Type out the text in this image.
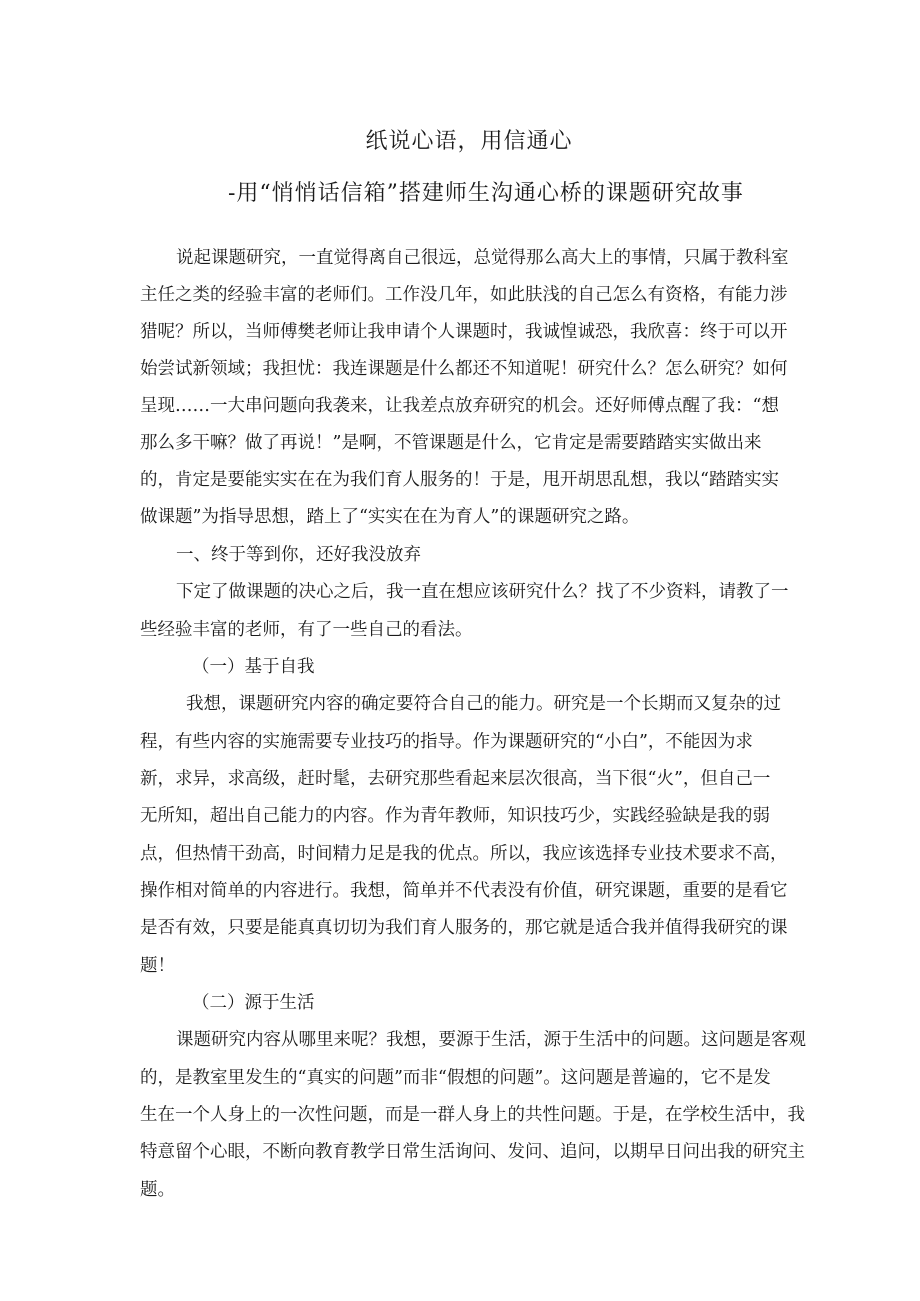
纸说心语，用信通心
-用“悄悄话信箱”搭建师生沟通心桥的课题研究故事

说起课题研究，一直觉得离自己很远，总觉得那么高大上的事情，只属于教科室

主任之类的经验丰富的老师们。工作没几年，如此肤浅的自己怎么有资格，有能力涉

猎呢？所以，当师傅樊老师让我申请个人课题时，我诚惶诚恐，我欣喜：终于可以开

始尝试新领域；我担忧：我连课题是什么都还不知道呢！研究什么？怎么研究？如何

呈现……一大串问题向我袭来，让我差点放弃研究的机会。还好师傅点醒了我：“想

那么多干嘛？做了再说！”是啊，不管课题是什么，它肯定是需要踏踏实实做出来

的，肯定是要能实实在在为我们育人服务的！于是，甩开胡思乱想，我以“踏踏实实

做课题”为指导思想，踏上了“实实在在为育人”的课题研究之路。

一、终于等到你，还好我没放弃

下定了做课题的决心之后，我一直在想应该研究什么？找了不少资料，请教了一

些经验丰富的老师，有了一些自己的看法。

（一）基于自我

我想，课题研究内容的确定要符合自己的能力。研究是一个长期而又复杂的过

程，有些内容的实施需要专业技巧的指导。作为课题研究的“小白”，不能因为求

新，求异，求高级，赶时髦，去研究那些看起来层次很高，当下很“火”，但自己一

无所知，超出自己能力的内容。作为青年教师，知识技巧少，实践经验缺是我的弱

点，但热情干劲高，时间精力足是我的优点。所以，我应该选择专业技术要求不高，

操作相对简单的内容进行。我想，简单并不代表没有价值，研究课题，重要的是看它

是否有效，只要是能真真切切为我们育人服务的，那它就是适合我并值得我研究的课

题！

（二）源于生活

课题研究内容从哪里来呢？我想，要源于生活，源于生活中的问题。这问题是客观

的，是教室里发生的“真实的问题”而非“假想的问题”。这问题是普遍的，它不是发

生在一个人身上的一次性问题，而是一群人身上的共性问题。于是，在学校生活中，我

特意留个心眼，不断向教育教学日常生活询问、发问、追问，以期早日问出我的研究主

题。
